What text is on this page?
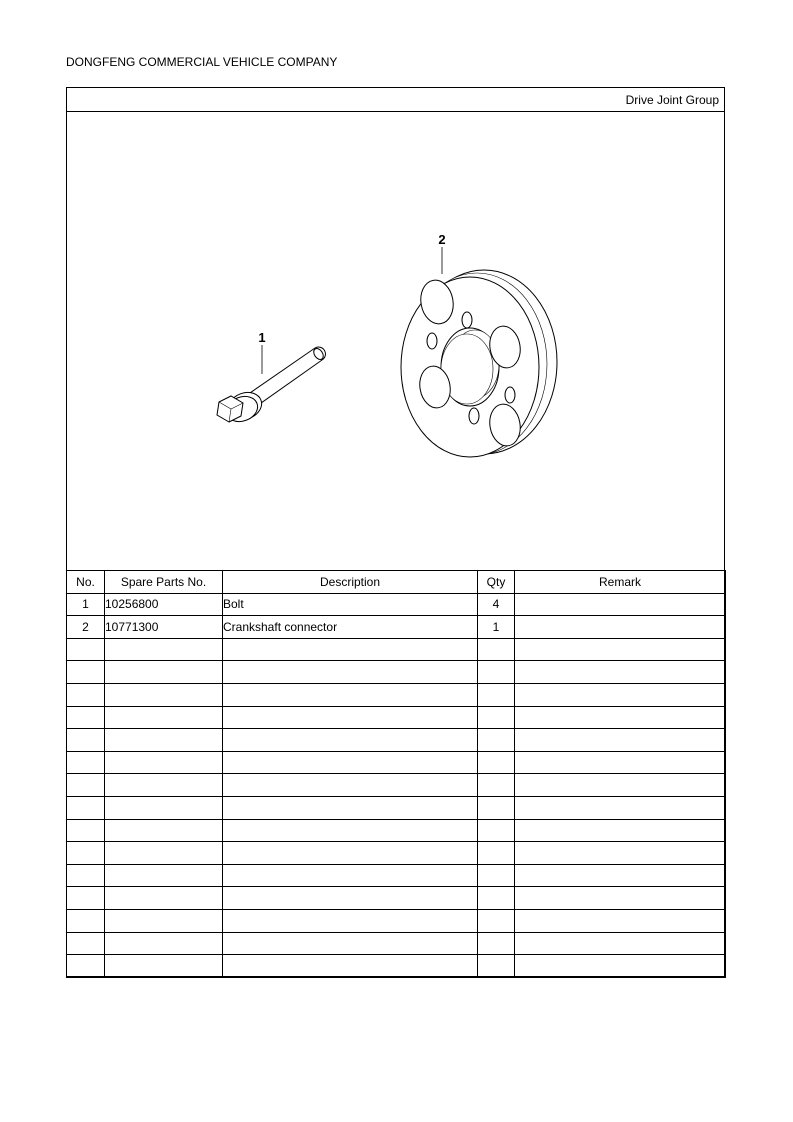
DONGFENG COMMERCIAL VEHICLE COMPANY
Drive Joint Group
1
2
No.	Spare Parts No.	Description	Qty	Remark
1	10256800	Bolt	4	
2	10771300	Crankshaft connector	1	
